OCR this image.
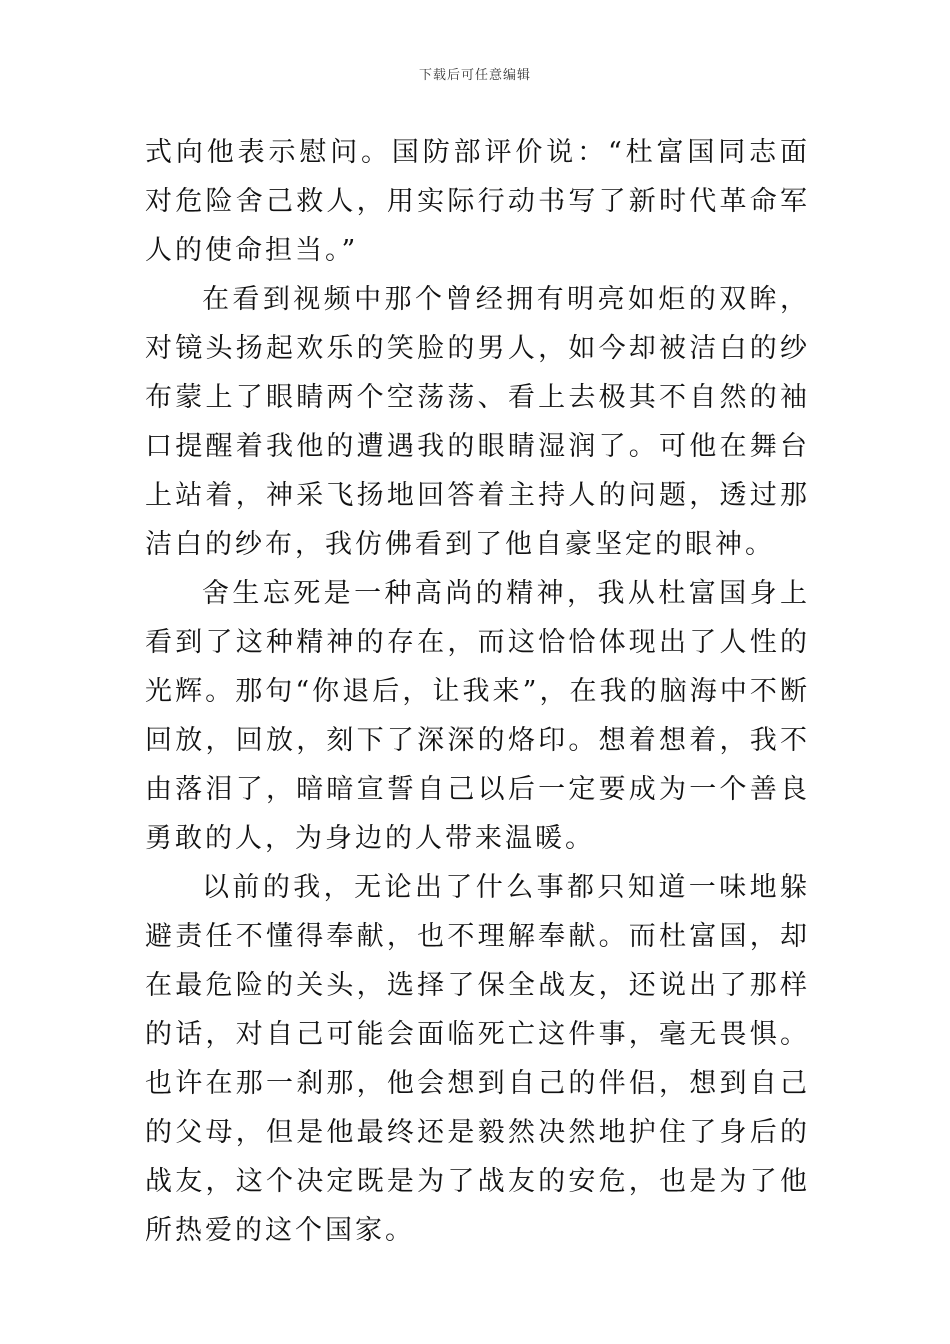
下载后可任意编辑

式向他表示慰问。国防部评价说：“杜富国同志面对危险舍己救人，用实际行动书写了新时代革命军人的使命担当。”

在看到视频中那个曾经拥有明亮如炬的双眸，对镜头扬起欢乐的笑脸的男人，如今却被洁白的纱布蒙上了眼睛两个空荡荡、看上去极其不自然的袖口提醒着我他的遭遇我的眼睛湿润了。可他在舞台上站着，神采飞扬地回答着主持人的问题，透过那洁白的纱布，我仿佛看到了他自豪坚定的眼神。

舍生忘死是一种高尚的精神，我从杜富国身上看到了这种精神的存在，而这恰恰体现出了人性的光辉。那句“你退后，让我来”，在我的脑海中不断回放，回放，刻下了深深的烙印。想着想着，我不由落泪了，暗暗宣誓自己以后一定要成为一个善良勇敢的人，为身边的人带来温暖。

以前的我，无论出了什么事都只知道一味地躲避责任不懂得奉献，也不理解奉献。而杜富国，却在最危险的关头，选择了保全战友，还说出了那样的话，对自己可能会面临死亡这件事，毫无畏惧。也许在那一刹那，他会想到自己的伴侣，想到自己的父母，但是他最终还是毅然决然地护住了身后的战友，这个决定既是为了战友的安危，也是为了他所热爱的这个国家。
